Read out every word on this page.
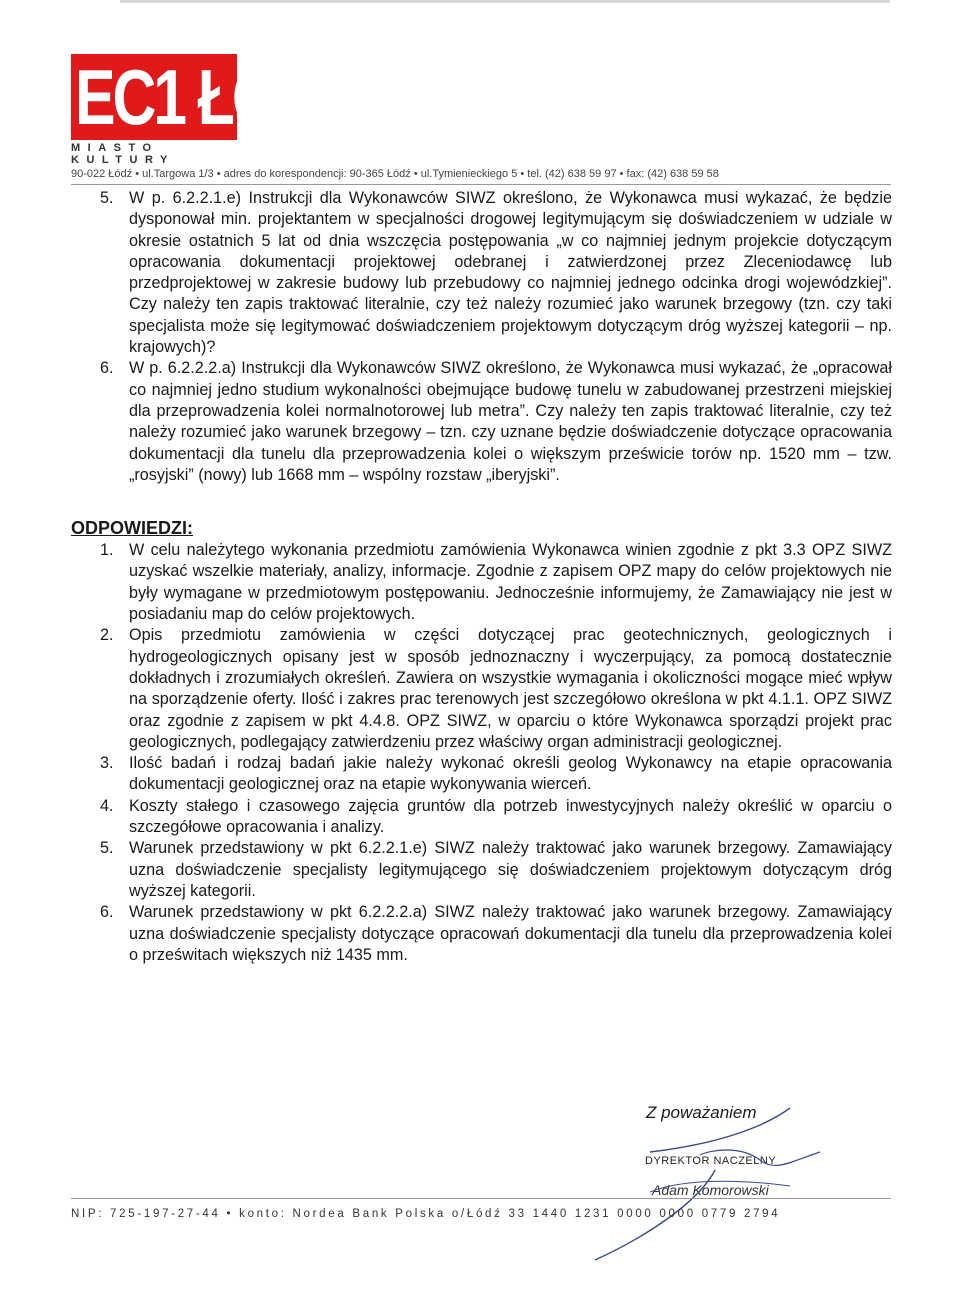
EC1 ŁÓDŹ
MIASTO KULTURY
90-022 Łódź • ul.Targowa 1/3 • adres do korespondencji: 90-365 Łódź • ul.Tymienieckiego 5 • tel. (42) 638 59 97 • fax: (42) 638 59 58
5. W p. 6.2.2.1.e) Instrukcji dla Wykonawców SIWZ określono, że Wykonawca musi wykazać, że będzie dysponował min. projektantem w specjalności drogowej legitymującym się doświadczeniem w udziale w okresie ostatnich 5 lat od dnia wszczęcia postępowania „w co najmniej jednym projekcie dotyczącym opracowania dokumentacji projektowej odebranej i zatwierdzonej przez Zleceniodawcę lub przedprojektowej w zakresie budowy lub przebudowy co najmniej jednego odcinka drogi wojewódzkiej”. Czy należy ten zapis traktować literalnie, czy też należy rozumieć jako warunek brzegowy (tzn. czy taki specjalista może się legitymować doświadczeniem projektowym dotyczącym dróg wyższej kategorii – np. krajowych)?
6. W p. 6.2.2.2.a) Instrukcji dla Wykonawców SIWZ określono, że Wykonawca musi wykazać, że „opracował co najmniej jedno studium wykonalności obejmujące budowę tunelu w zabudowanej przestrzeni miejskiej dla przeprowadzenia kolei normalnotorowej lub metra”. Czy należy ten zapis traktować literalnie, czy też należy rozumieć jako warunek brzegowy – tzn. czy uznane będzie doświadczenie dotyczące opracowania dokumentacji dla tunelu dla przeprowadzenia kolei o większym prześwicie torów np. 1520 mm – tzw. „rosyjski” (nowy) lub 1668 mm – wspólny rozstaw „iberyjski”.
ODPOWIEDZI:
1. W celu należytego wykonania przedmiotu zamówienia Wykonawca winien zgodnie z pkt 3.3 OPZ SIWZ uzyskać wszelkie materiały, analizy, informacje. Zgodnie z zapisem OPZ mapy do celów projektowych nie były wymagane w przedmiotowym postępowaniu. Jednocześnie informujemy, że Zamawiający nie jest w posiadaniu map do celów projektowych.
2. Opis przedmiotu zamówienia w części dotyczącej prac geotechnicznych, geologicznych i hydrogeologicznych opisany jest w sposób jednoznaczny i wyczerpujący, za pomocą dostatecznie dokładnych i zrozumiałych określeń. Zawiera on wszystkie wymagania i okoliczności mogące mieć wpływ na sporządzenie oferty. Ilość i zakres prac terenowych jest szczegółowo określona w pkt 4.1.1. OPZ SIWZ oraz zgodnie z zapisem w pkt 4.4.8. OPZ SIWZ, w oparciu o które Wykonawca sporządzi projekt prac geologicznych, podlegający zatwierdzeniu przez właściwy organ administracji geologicznej.
3. Ilość badań i rodzaj badań jakie należy wykonać określi geolog Wykonawcy na etapie opracowania dokumentacji geologicznej oraz na etapie wykonywania wierceń.
4. Koszty stałego i czasowego zajęcia gruntów dla potrzeb inwestycyjnych należy określić w oparciu o szczegółowe opracowania i analizy.
5. Warunek przedstawiony w pkt 6.2.2.1.e) SIWZ należy traktować jako warunek brzegowy. Zamawiający uzna doświadczenie specjalisty legitymującego się doświadczeniem projektowym dotyczącym dróg wyższej kategorii.
6. Warunek przedstawiony w pkt 6.2.2.2.a) SIWZ należy traktować jako warunek brzegowy. Zamawiający uzna doświadczenie specjalisty dotyczące opracowań dokumentacji dla tunelu dla przeprowadzenia kolei o prześwitach większych niż 1435 mm.
Z poważaniem
DYREKTOR NACZELNY
Adam Komorowski
NIP: 725-197-27-44 • konto: Nordea Bank Polska o/Łódź 33 1440 1231 0000 0000 0779 2794
